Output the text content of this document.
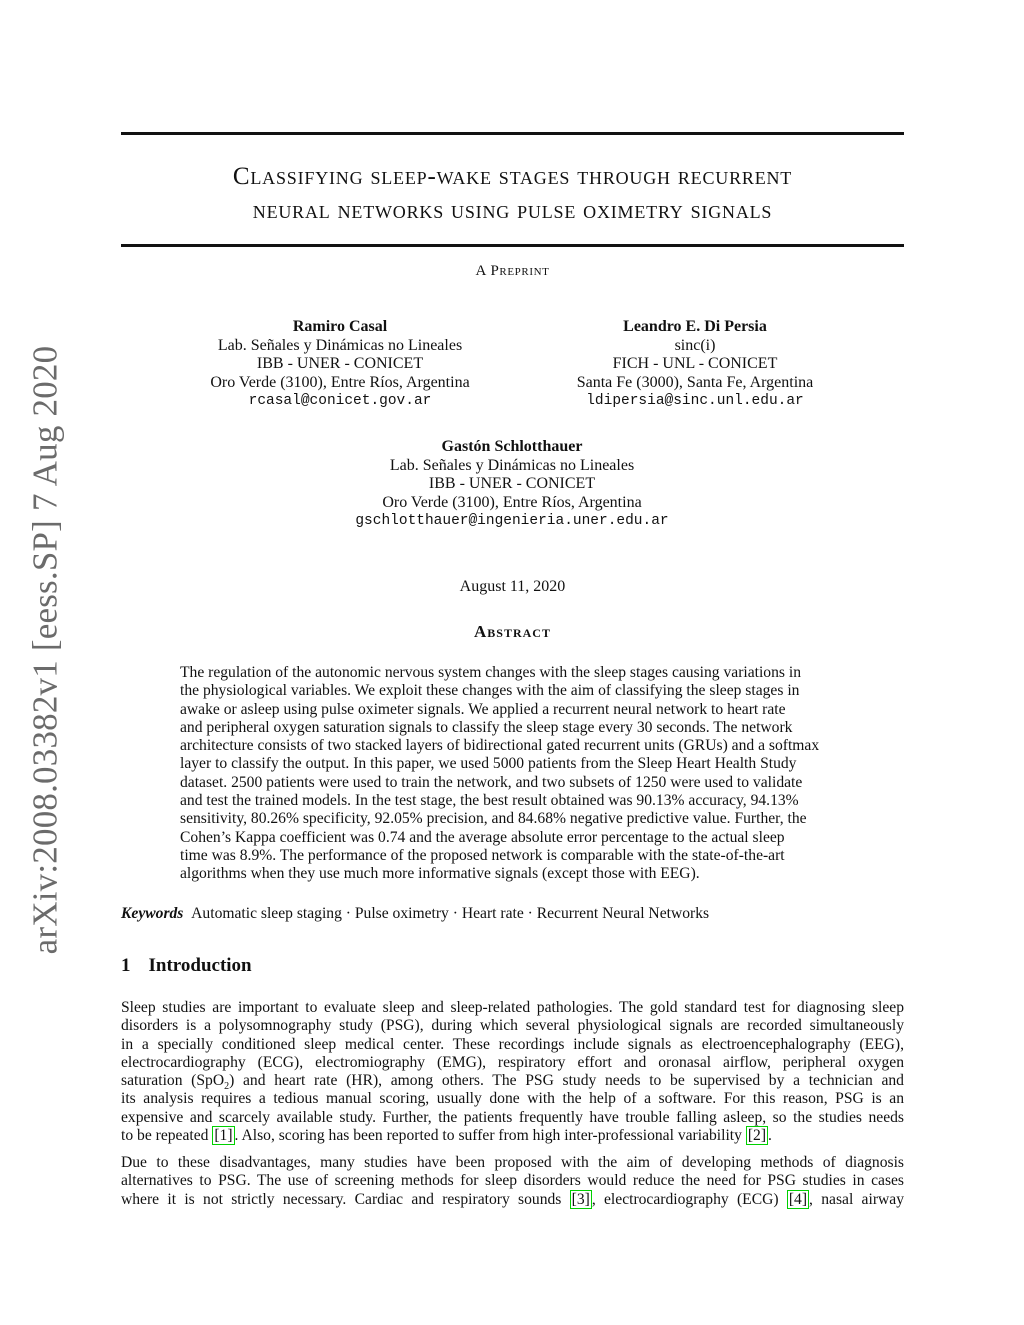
arXiv:2008.03382v1 [eess.SP] 7 Aug 2020
Classifying sleep-wake stages through recurrent
neural networks using pulse oximetry signals
A Preprint
Ramiro Casal
Lab. Señales y Dinámicas no Lineales
IBB - UNER - CONICET
Oro Verde (3100), Entre Ríos, Argentina
rcasal@conicet.gov.ar
Leandro E. Di Persia
sinc(i)
FICH - UNL - CONICET
Santa Fe (3000), Santa Fe, Argentina
ldipersia@sinc.unl.edu.ar
Gastón Schlotthauer
Lab. Señales y Dinámicas no Lineales
IBB - UNER - CONICET
Oro Verde (3100), Entre Ríos, Argentina
gschlotthauer@ingenieria.uner.edu.ar
August 11, 2020
Abstract
The regulation of the autonomic nervous system changes with the sleep stages causing variations in
the physiological variables. We exploit these changes with the aim of classifying the sleep stages in
awake or asleep using pulse oximeter signals. We applied a recurrent neural network to heart rate
and peripheral oxygen saturation signals to classify the sleep stage every 30 seconds. The network
architecture consists of two stacked layers of bidirectional gated recurrent units (GRUs) and a softmax
layer to classify the output. In this paper, we used 5000 patients from the Sleep Heart Health Study
dataset. 2500 patients were used to train the network, and two subsets of 1250 were used to validate
and test the trained models. In the test stage, the best result obtained was 90.13% accuracy, 94.13%
sensitivity, 80.26% specificity, 92.05% precision, and 84.68% negative predictive value. Further, the
Cohen’s Kappa coefficient was 0.74 and the average absolute error percentage to the actual sleep
time was 8.9%. The performance of the proposed network is comparable with the state-of-the-art
algorithms when they use much more informative signals (except those with EEG).
Keywords Automatic sleep staging · Pulse oximetry · Heart rate · Recurrent Neural Networks
1 Introduction
Sleep studies are important to evaluate sleep and sleep-related pathologies. The gold standard test for diagnosing sleep
disorders is a polysomnography study (PSG), during which several physiological signals are recorded simultaneously
in a specially conditioned sleep medical center. These recordings include signals as electroencephalography (EEG),
electrocardiography (ECG), electromiography (EMG), respiratory effort and oronasal airflow, peripheral oxygen
saturation (SpO$_2$) and heart rate (HR), among others. The PSG study needs to be supervised by a technician and
its analysis requires a tedious manual scoring, usually done with the help of a software. For this reason, PSG is an
expensive and scarcely available study. Further, the patients frequently have trouble falling asleep, so the studies needs
to be repeated [1] . Also, scoring has been reported to suffer from high inter-professional variability [2] .
Due to these disadvantages, many studies have been proposed with the aim of developing methods of diagnosis
alternatives to PSG. The use of screening methods for sleep disorders would reduce the need for PSG studies in cases
where it is not strictly necessary. Cardiac and respiratory sounds [3] , electrocardiography (ECG) [4] , nasal airway
